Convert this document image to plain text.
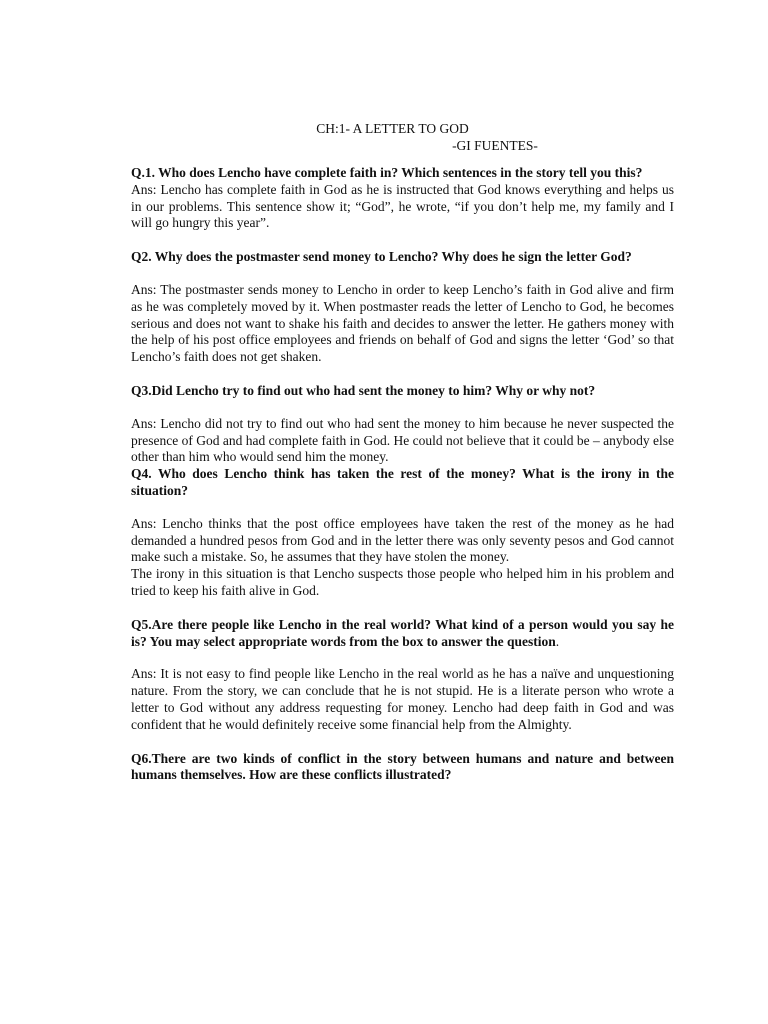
CH:1- A LETTER TO GOD
-GI FUENTES-

Q.1. Who does Lencho have complete faith in? Which sentences in the story tell you this?

Ans: Lencho has complete faith in God as he is instructed that God knows everything and helps us in our problems. This sentence show it; “God”, he wrote, “if you don’t help me, my family and I will go hungry this year”.

Q2. Why does the postmaster send money to Lencho? Why does he sign the letter God?

Ans: The postmaster sends money to Lencho in order to keep Lencho’s faith in God alive and firm as he was completely moved by it. When postmaster reads the letter of Lencho to God, he becomes serious and does not want to shake his faith and decides to answer the letter. He gathers money with the help of his post office employees and friends on behalf of God and signs the letter ‘God’ so that Lencho’s faith does not get shaken.

Q3.Did Lencho try to find out who had sent the money to him? Why or why not?

Ans: Lencho did not try to find out who had sent the money to him because he never suspected the presence of God and had complete faith in God. He could not believe that it could be – anybody else other than him who would send him the money.

Q4. Who does Lencho think has taken the rest of the money? What is the irony in the situation?

Ans: Lencho thinks that the post office employees have taken the rest of the money as he had demanded a hundred pesos from God and in the letter there was only seventy pesos and God cannot make such a mistake. So, he assumes that they have stolen the money.

The irony in this situation is that Lencho suspects those people who helped him in his problem and tried to keep his faith alive in God.

Q5.Are there people like Lencho in the real world? What kind of a person would you say he is? You may select appropriate words from the box to answer the question.

Ans: It is not easy to find people like Lencho in the real world as he has a naïve and unquestioning nature. From the story, we can conclude that he is not stupid. He is a literate person who wrote a letter to God without any address requesting for money. Lencho had deep faith in God and was confident that he would definitely receive some financial help from the Almighty.

Q6.There are two kinds of conflict in the story between humans and nature and between humans themselves. How are these conflicts illustrated?
